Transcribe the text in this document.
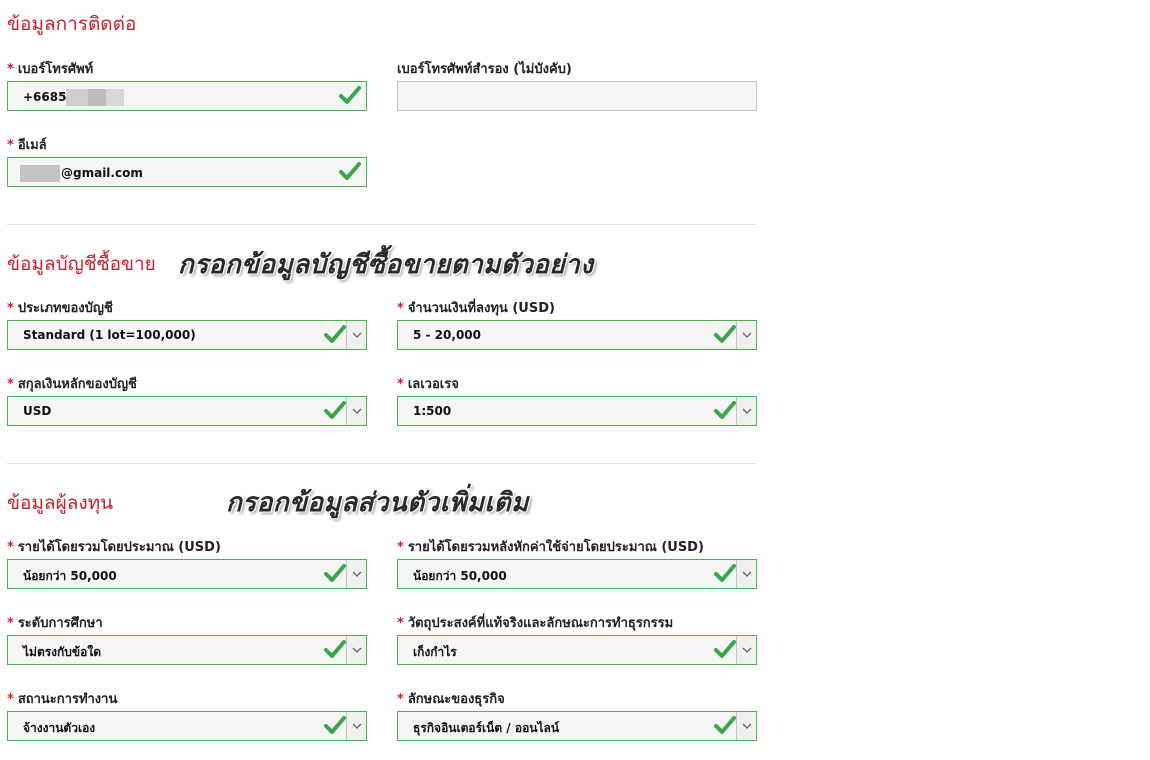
ข้อมูลการติดต่อ
* เบอร์โทรศัพท์
+6685
เบอร์โทรศัพท์สำรอง (ไม่บังคับ)
* อีเมล์
@gmail.com
ข้อมูลบัญชีซื้อขาย กรอกข้อมูลบัญชีซื้อขายตามตัวอย่าง
* ประเภทของบัญชี
Standard (1 lot=100,000)
* จำนวนเงินที่ลงทุน (USD)
5 - 20,000
* สกุลเงินหลักของบัญชี
USD
* เลเวอเรจ
1:500
ข้อมูลผู้ลงทุน	กรอกข้อมูลส่วนตัวเพิ่มเติม
* รายได้โดยรวมโดยประมาณ (USD)
น้อยกว่า 50,000
* รายได้โดยรวมหลังหักค่าใช้จ่ายโดยประมาณ (USD)
น้อยกว่า 50,000
* ระดับการศึกษา
ไม่ตรงกับข้อใด
* วัตถุประสงค์ที่แท้จริงและลักษณะการทำธุรกรรม
เก็งกำไร
* สถานะการทำงาน
จ้างงานตัวเอง
* ลักษณะของธุรกิจ
ธุรกิจอินเตอร์เน็ต / ออนไลน์
